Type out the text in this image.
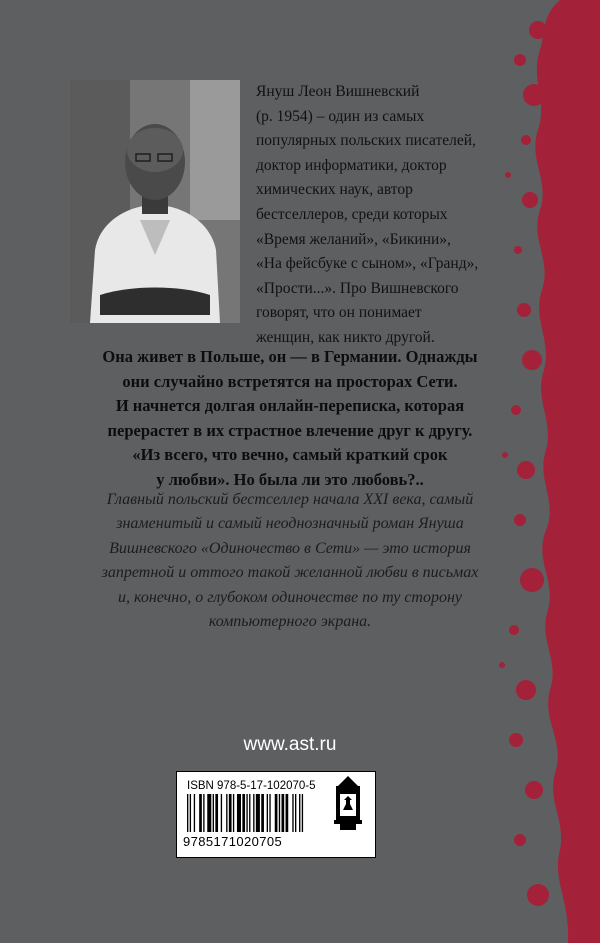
Януш Леон Вишневский
(р. 1954) – один из самых
популярных польских писателей,
доктор информатики, доктор
химических наук, автор
бестселлеров, среди которых
«Время желаний», «Бикини»,
«На фейсбуке с сыном», «Гранд»,
«Прости...». Про Вишневского
говорят, что он понимает
женщин, как никто другой.
Она живет в Польше, он — в Германии. Однажды
они случайно встретятся на просторах Сети.
И начнется долгая онлайн-переписка, которая
перерастет в их страстное влечение друг к другу.
«Из всего, что вечно, самый краткий срок
у любви». Но была ли это любовь?..
Главный польский бестселлер начала XXI века, самый
знаменитый и самый неоднозначный роман Януша
Вишневского «Одиночество в Сети» — это история
запретной и оттого такой желанной любви в письмах
и, конечно, о глубоком одиночестве по ту сторону
компьютерного экрана.
www.ast.ru
ISBN 978-5-17-102070-5
9785171020705
